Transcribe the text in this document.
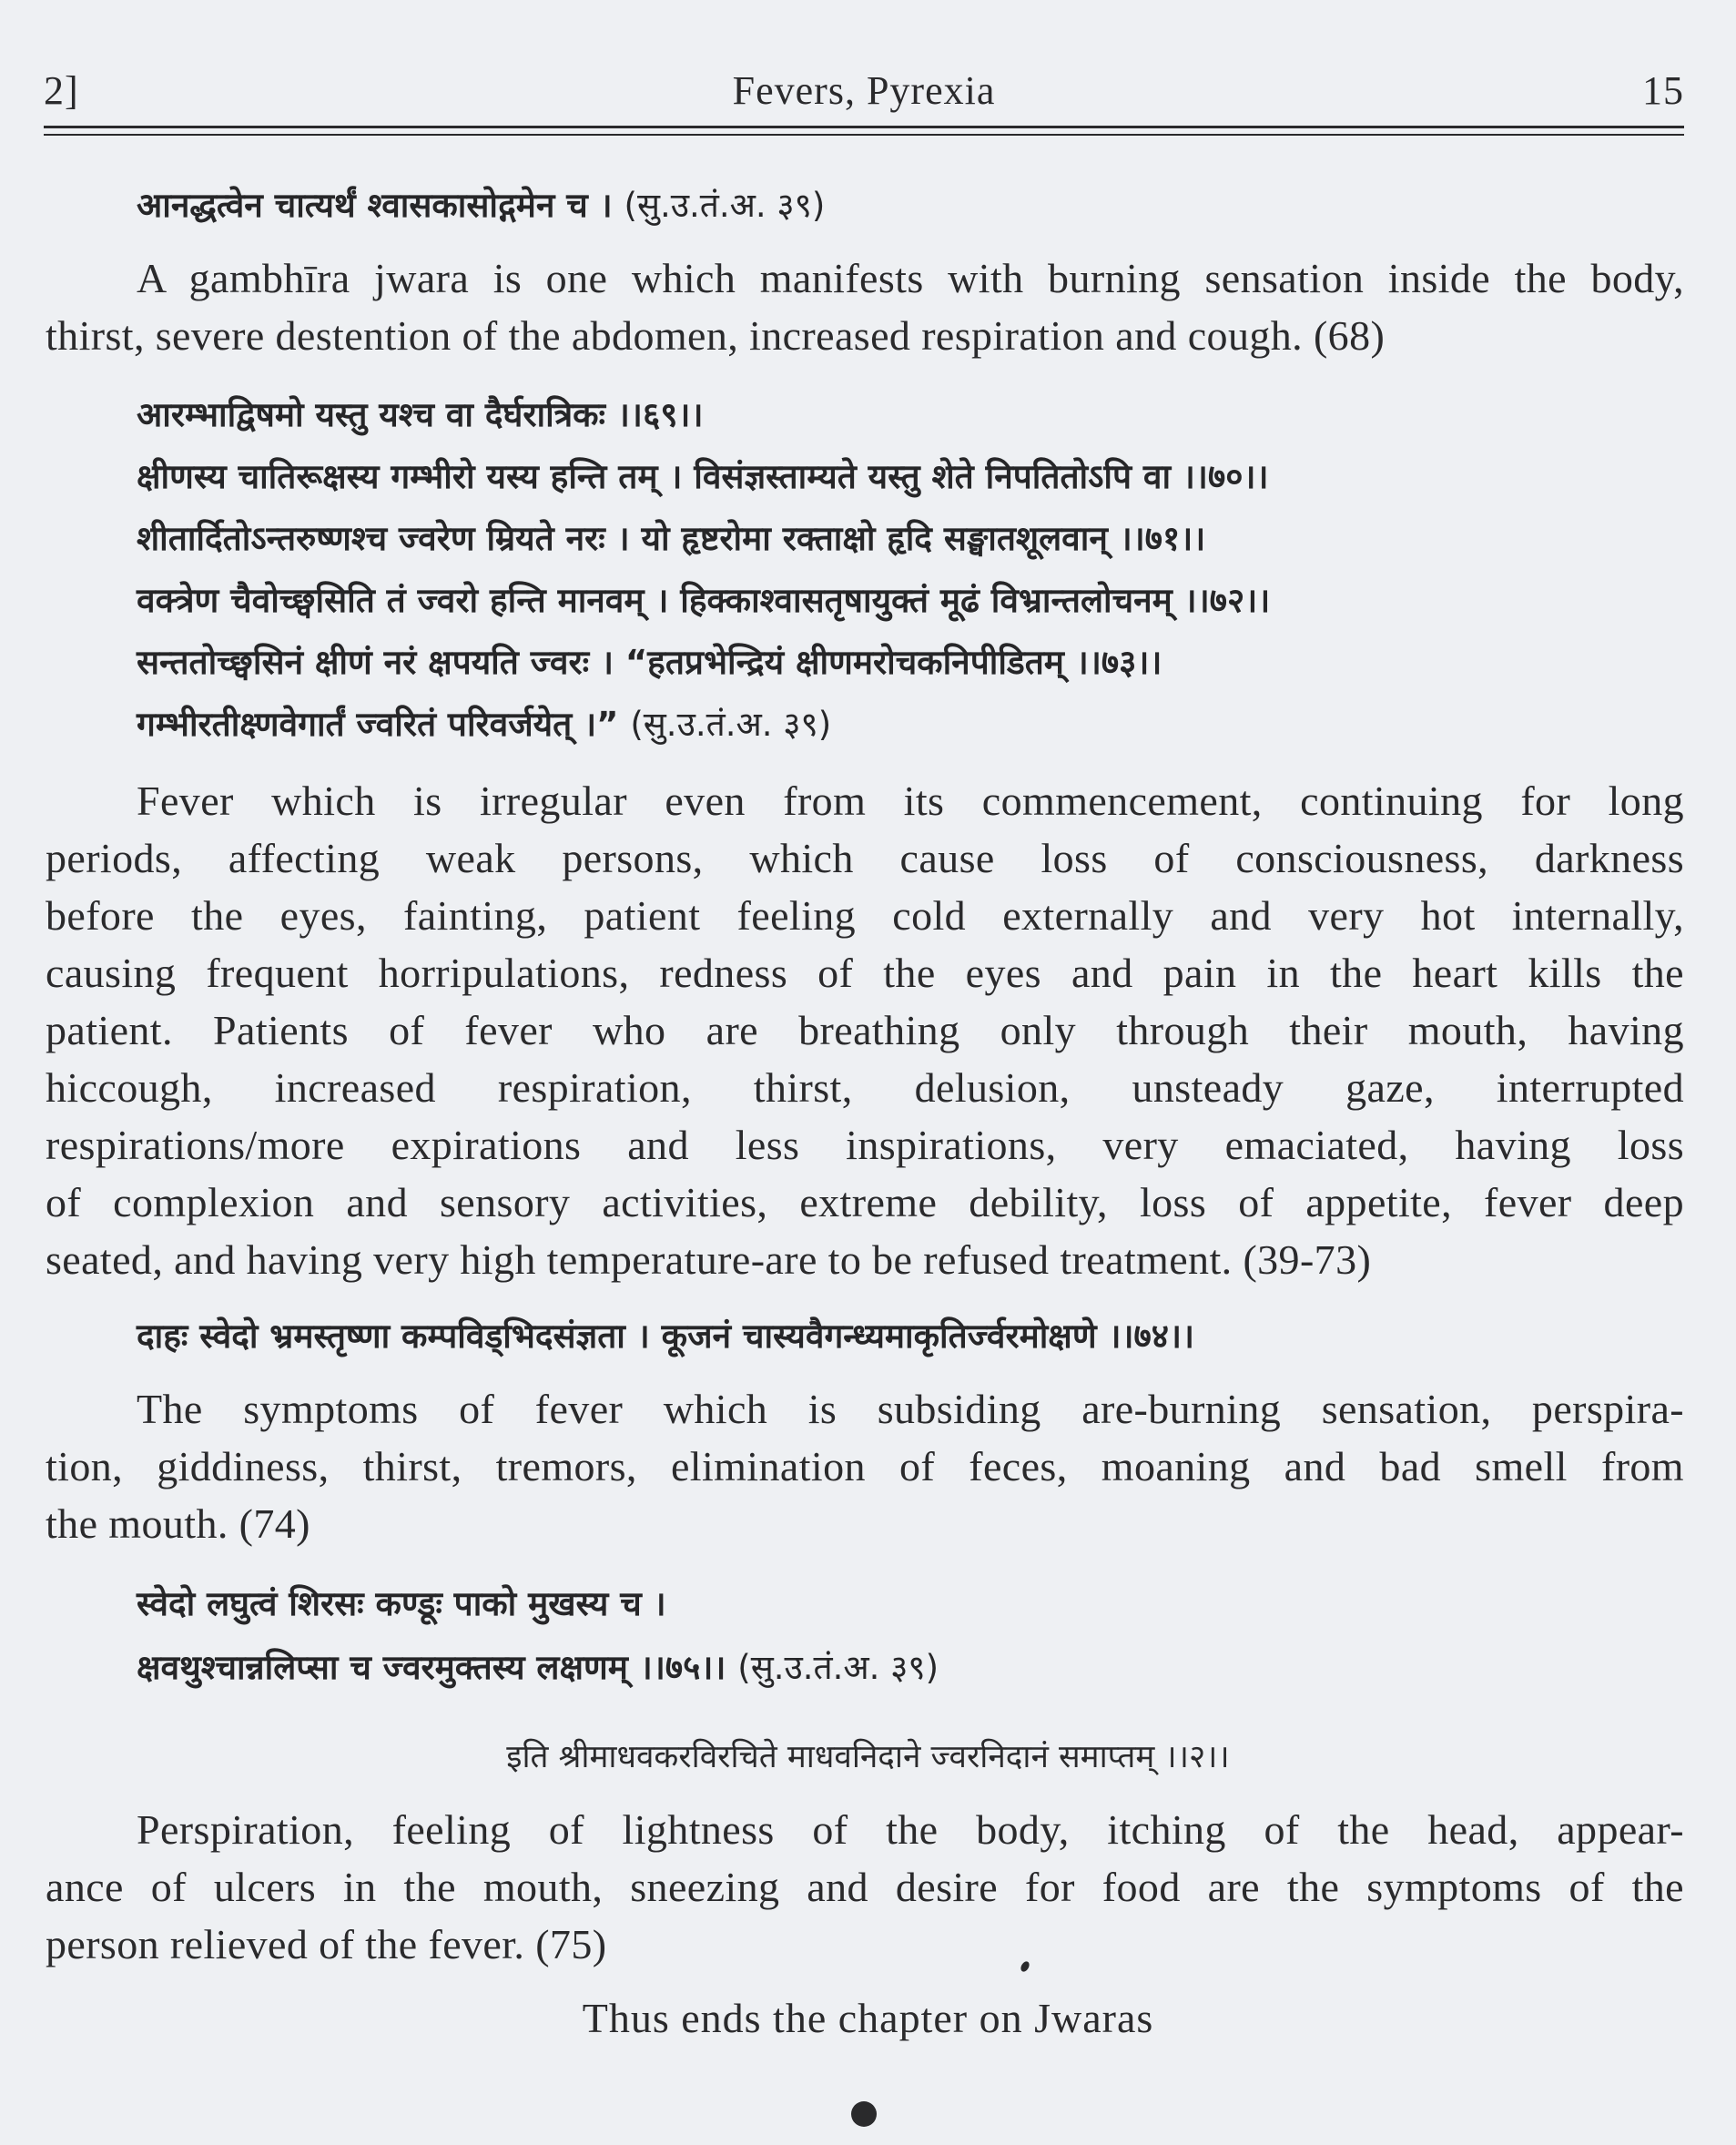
2]	Fevers, Pyrexia	15
आनद्धत्वेन चात्यर्थं श्वासकासोद्गमेन च । (सु.उ.तं.अ. ३९)
A gambhīra jwara is one which manifests with burning sensation inside the body,
thirst, severe destention of the abdomen, increased respiration and cough. (68)
आरम्भाद्विषमो यस्तु यश्च वा दैर्घरात्रिकः ।।६९।।
क्षीणस्य चातिरूक्षस्य गम्भीरो यस्य हन्ति तम् । विसंज्ञस्ताम्यते यस्तु शेते निपतितोऽपि वा ।।७०।।
शीतार्दितोऽन्तरुष्णश्च ज्वरेण म्रियते नरः । यो हृष्टरोमा रक्ताक्षो हृदि सङ्घातशूलवान् ।।७१।।
वक्त्रेण चैवोच्छ्वसिति तं ज्वरो हन्ति मानवम् । हिक्काश्वासतृषायुक्तं मूढं विभ्रान्तलोचनम् ।।७२।।
सन्ततोच्छ्वसिनं क्षीणं नरं क्षपयति ज्वरः । “हतप्रभेन्द्रियं क्षीणमरोचकनिपीडितम् ।।७३।।
गम्भीरतीक्ष्णवेगार्तं ज्वरितं परिवर्जयेत् ।” (सु.उ.तं.अ. ३९)
Fever which is irregular even from its commencement, continuing for long
periods, affecting weak persons, which cause loss of consciousness, darkness
before the eyes, fainting, patient feeling cold externally and very hot internally,
causing frequent horripulations, redness of the eyes and pain in the heart kills the
patient. Patients of fever who are breathing only through their mouth, having
hiccough, increased respiration, thirst, delusion, unsteady gaze, interrupted
respirations/more expirations and less inspirations, very emaciated, having loss
of complexion and sensory activities, extreme debility, loss of appetite, fever deep
seated, and having very high temperature-are to be refused treatment. (39-73)
दाहः स्वेदो भ्रमस्तृष्णा कम्पविड्भिदसंज्ञता । कूजनं चास्यवैगन्ध्यमाकृतिर्ज्वरमोक्षणे ।।७४।।
The symptoms of fever which is subsiding are-burning sensation, perspira-
tion, giddiness, thirst, tremors, elimination of feces, moaning and bad smell from
the mouth. (74)
स्वेदो लघुत्वं शिरसः कण्डूः पाको मुखस्य च ।
क्षवथुश्चान्नलिप्सा च ज्वरमुक्तस्य लक्षणम् ।।७५।। (सु.उ.तं.अ. ३९)
इति श्रीमाधवकरविरचिते माधवनिदाने ज्वरनिदानं समाप्तम् ।।२।।
Perspiration, feeling of lightness of the body, itching of the head, appear-
ance of ulcers in the mouth, sneezing and desire for food are the symptoms of the
person relieved of the fever. (75)
Thus ends the chapter on Jwaras
